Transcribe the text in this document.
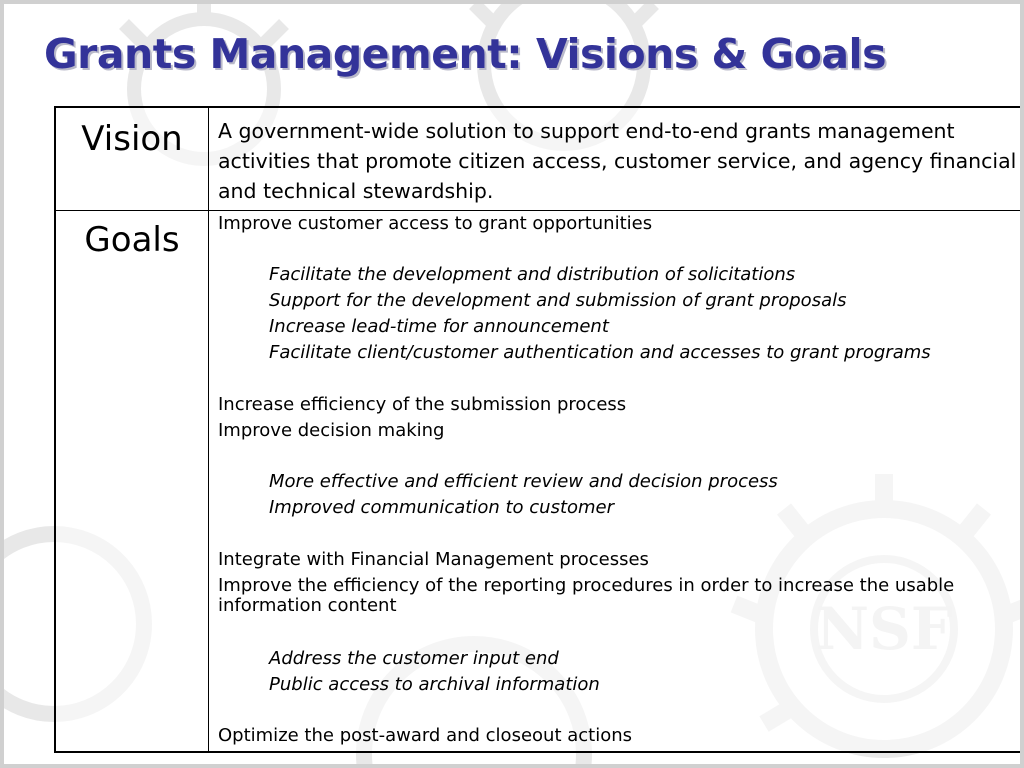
Grants Management: Visions & Goals
Vision	A government-wide solution to support end-to-end grants management activities that promote citizen access, customer service, and agency financial and technical stewardship.
Goals	Improve customer access to grant opportunities
Facilitate the development and distribution of solicitations
Support for the development and submission of grant proposals
Increase lead-time for announcement
Facilitate client/customer authentication and accesses to grant programs
Increase efficiency of the submission process
Improve decision making
More effective and efficient review and decision process
Improved communication to customer
Integrate with Financial Management processes
Improve the efficiency of the reporting procedures in order to increase the usable information content
Address the customer input end
Public access to archival information
Optimize the post-award and closeout actions
